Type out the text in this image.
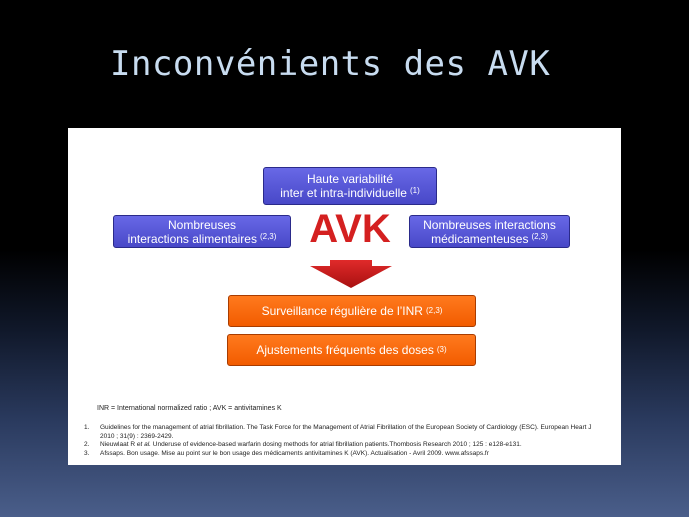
Inconvénients des AVK
Haute variabilité
inter et intra-individuelle $^{(1)}$
Nombreuses
interactions alimentaires $^{(2,3)}$ AVK	Nombreuses interactions
médicamenteuses $^{(2,3)}$
Surveillance régulière de l’INR (2,3)
Ajustements fréquents des doses (3)
INR = International normalized ratio ; AVK = antivitamines K
1. Guidelines for the management of atrial fibrillation. The Task Force for the Management of Atrial Fibrillation of the European Society of Cardiology (ESC). European Heart J 2010 ; 31(9) : 2369-2429.
2. Nieuwlaat R et al. Underuse of evidence-based warfarin dosing methods for atrial fibrillation patients.Thombosis Research 2010 ; 125 : e128-e131.
3. Afssaps. Bon usage. Mise au point sur le bon usage des médicaments antivitamines K (AVK). Actualisation - Avril 2009. www.afssaps.fr
